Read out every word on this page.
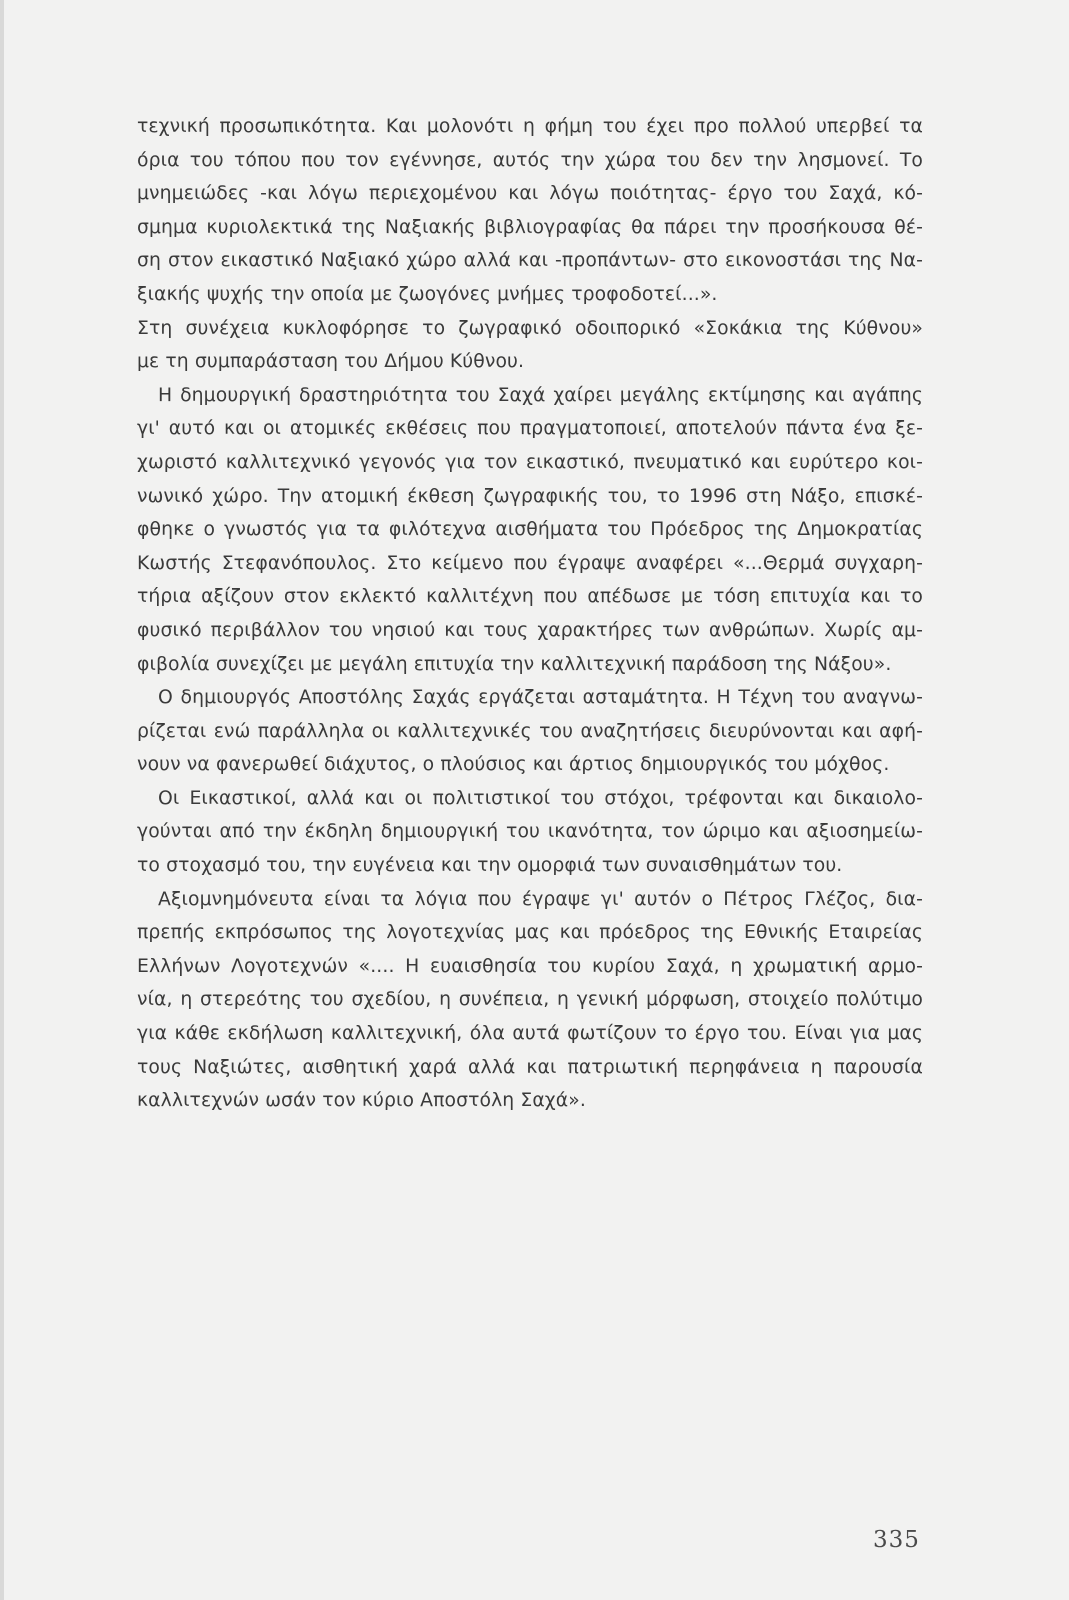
τεχνική προσωπικότητα. Και μολονότι η φήμη του έχει προ πολλού υπερβεί τα
όρια του τόπου που τον εγέννησε, αυτός την χώρα του δεν την λησμονεί. Το
μνημειώδες -και λόγω περιεχομένου και λόγω ποιότητας- έργο του Σαχά, κό-
σμημα κυριολεκτικά της Ναξιακής βιβλιογραφίας θα πάρει την προσήκουσα θέ-
ση στον εικαστικό Ναξιακό χώρο αλλά και -προπάντων- στο εικονοστάσι της Να-
ξιακής ψυχής την οποία με ζωογόνες μνήμες τροφοδοτεί...».
Στη συνέχεια κυκλοφόρησε το ζωγραφικό οδοιπορικό «Σοκάκια της Κύθνου»
με τη συμπαράσταση του Δήμου Κύθνου.
Η δημουργική δραστηριότητα του Σαχά χαίρει μεγάλης εκτίμησης και αγάπης
γι' αυτό και οι ατομικές εκθέσεις που πραγματοποιεί, αποτελούν πάντα ένα ξε-
χωριστό καλλιτεχνικό γεγονός για τον εικαστικό, πνευματικό και ευρύτερο κοι-
νωνικό χώρο. Την ατομική έκθεση ζωγραφικής του, το 1996 στη Νάξο, επισκέ-
φθηκε ο γνωστός για τα φιλότεχνα αισθήματα του Πρόεδρος της Δημοκρατίας
Κωστής Στεφανόπουλος. Στο κείμενο που έγραψε αναφέρει «...Θερμά συγχαρη-
τήρια αξίζουν στον εκλεκτό καλλιτέχνη που απέδωσε με τόση επιτυχία και το
φυσικό περιβάλλον του νησιού και τους χαρακτήρες των ανθρώπων. Χωρίς αμ-
φιβολία συνεχίζει με μεγάλη επιτυχία την καλλιτεχνική παράδοση της Νάξου».
Ο δημιουργός Αποστόλης Σαχάς εργάζεται ασταμάτητα. Η Τέχνη του αναγνω-
ρίζεται ενώ παράλληλα οι καλλιτεχνικές του αναζητήσεις διευρύνονται και αφή-
νουν να φανερωθεί διάχυτος, ο πλούσιος και άρτιος δημιουργικός του μόχθος.
Οι Εικαστικοί, αλλά και οι πολιτιστικοί του στόχοι, τρέφονται και δικαιολο-
γούνται από την έκδηλη δημιουργική του ικανότητα, τον ώριμο και αξιοσημείω-
το στοχασμό του, την ευγένεια και την ομορφιά των συναισθημάτων του.
Αξιομνημόνευτα είναι τα λόγια που έγραψε γι' αυτόν ο Πέτρος Γλέζος, δια-
πρεπής εκπρόσωπος της λογοτεχνίας μας και πρόεδρος της Εθνικής Εταιρείας
Ελλήνων Λογοτεχνών «.... Η ευαισθησία του κυρίου Σαχά, η χρωματική αρμο-
νία, η στερεότης του σχεδίου, η συνέπεια, η γενική μόρφωση, στοιχείο πολύτιμο
για κάθε εκδήλωση καλλιτεχνική, όλα αυτά φωτίζουν το έργο του. Είναι για μας
τους Ναξιώτες, αισθητική χαρά αλλά και πατριωτική περηφάνεια η παρουσία
καλλιτεχνών ωσάν τον κύριο Αποστόλη Σαχά».
335
